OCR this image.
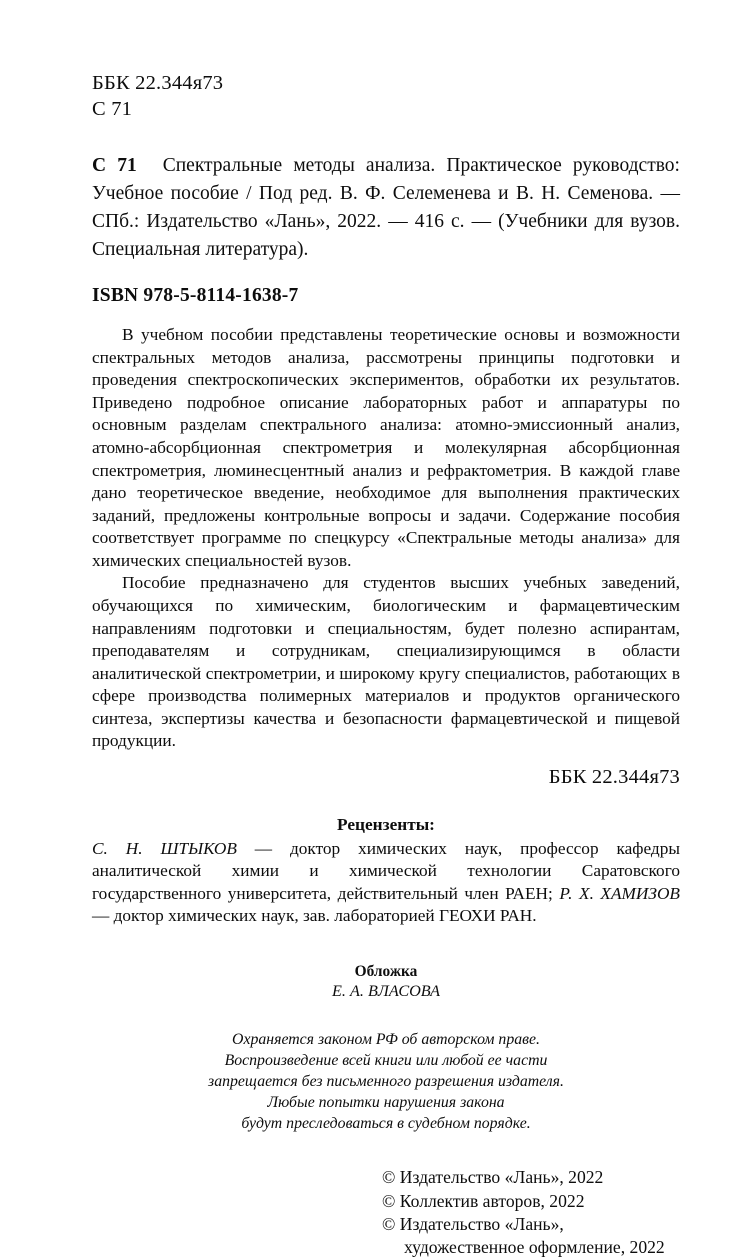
ББК 22.344я73
С 71
С 71 Спектральные методы анализа. Практическое руководство: Учебное пособие / Под ред. В. Ф. Селеменева и В. Н. Семенова. — СПб.: Издательство «Лань», 2022. — 416 с. — (Учебники для вузов. Специальная литература).
ISBN 978-5-8114-1638-7

В учебном пособии представлены теоретические основы и возможности спектральных методов анализа, рассмотрены принципы подготовки и проведения спектроскопических экспериментов, обработки их результатов. Приведено подробное описание лабораторных работ и аппаратуры по основным разделам спектрального анализа: атомно-эмиссионный анализ, атомно-абсорбционная спектрометрия и молекулярная абсорбционная спектрометрия, люминесцентный анализ и рефрактометрия. В каждой главе дано теоретическое введение, необходимое для выполнения практических заданий, предложены контрольные вопросы и задачи. Содержание пособия соответствует программе по спецкурсу «Спектральные методы анализа» для химических специальностей вузов.

Пособие предназначено для студентов высших учебных заведений, обучающихся по химическим, биологическим и фармацевтическим направлениям подготовки и специальностям, будет полезно аспирантам, преподавателям и сотрудникам, специализирующимся в области аналитической спектрометрии, и широкому кругу специалистов, работающих в сфере производства полимерных материалов и продуктов органического синтеза, экспертизы качества и безопасности фармацевтической и пищевой продукции.

ББК 22.344я73
Рецензенты:
С. Н. ШТЫКОВ — доктор химических наук, профессор кафедры аналитической химии и химической технологии Саратовского государственного университета, действительный член РАЕН; Р. Х. ХАМИЗОВ — доктор химических наук, зав. лабораторией ГЕОХИ РАН.
Обложка
Е. А. ВЛАСОВА
Охраняется законом РФ об авторском праве.
Воспроизведение всей книги или любой ее части
запрещается без письменного разрешения издателя.
Любые попытки нарушения закона
будут преследоваться в судебном порядке.
© Издательство «Лань», 2022
© Коллектив авторов, 2022
© Издательство «Лань»,
художественное оформление, 2022
